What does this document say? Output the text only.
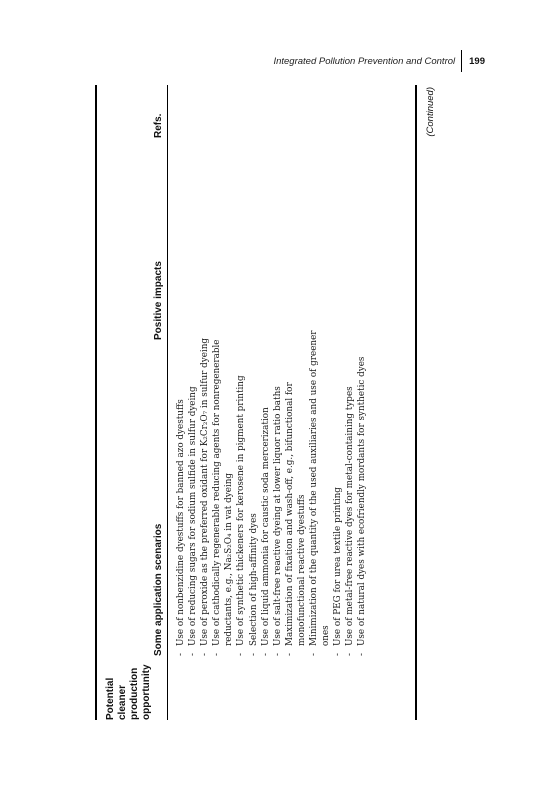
Integrated Pollution Prevention and Control	199
Potential cleaner production opportunity
Some application scenarios
Positive impacts
Refs.
-
Use of nonbenzidine dyestuffs for banned azo dyestuffs
-
Use of reducing sugars for sodium sulfide in sulfur dyeing
-
Use of peroxide as the preferred oxidant for K₂Cr₂O₇ in sulfur dyeing
-
Use of cathodically regenerable reducing agents for nonregenerable reductants, e.g., Na₂S₂O₄ in vat dyeing
-
Use of synthetic thickeners for kerosene in pigment printing
-
Selection of high-affinity dyes
-
Use of liquid ammonia for caustic soda mercerization
-
Use of salt-free reactive dyeing at lower liquor ratio baths
-
Maximization of fixation and wash-off, e.g., bifunctional for monofunctional reactive dyestuffs
-
Minimization of the quantity of the used auxiliaries and use of greener ones
-
Use of PEG for urea textile printing
-
Use of metal-free reactive dyes for metal-containing types
-
Use of natural dyes with ecofriendly mordants for synthetic dyes
(Continued)
